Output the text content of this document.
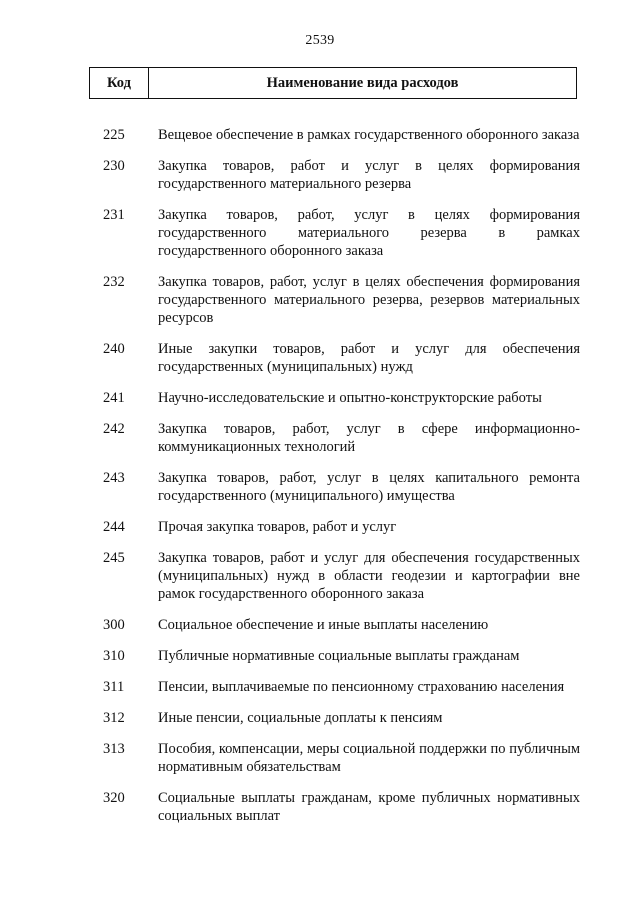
2539
Код	Наименование вида расходов
225	Вещевое обеспечение в рамках государственного оборонного заказа
230	Закупка товаров, работ и услуг в целях формирования государственного материального резерва
231	Закупка товаров, работ, услуг в целях формирования государственного материального резерва в рамках государственного оборонного заказа
232	Закупка товаров, работ, услуг в целях обеспечения формирования государственного материального резерва, резервов материальных ресурсов
240	Иные закупки товаров, работ и услуг для обеспечения государственных (муниципальных) нужд
241	Научно-исследовательские и опытно-конструкторские работы
242	Закупка товаров, работ, услуг в сфере информационно-коммуникационных технологий
243	Закупка товаров, работ, услуг в целях капитального ремонта государственного (муниципального) имущества
244	Прочая закупка товаров, работ и услуг
245	Закупка товаров, работ и услуг для обеспечения государственных (муниципальных) нужд в области геодезии и картографии вне рамок государственного оборонного заказа
300	Социальное обеспечение и иные выплаты населению
310	Публичные нормативные социальные выплаты гражданам
311	Пенсии, выплачиваемые по пенсионному страхованию населения
312	Иные пенсии, социальные доплаты к пенсиям
313	Пособия, компенсации, меры социальной поддержки по публичным нормативным обязательствам
320	Социальные выплаты гражданам, кроме публичных нормативных социальных выплат
